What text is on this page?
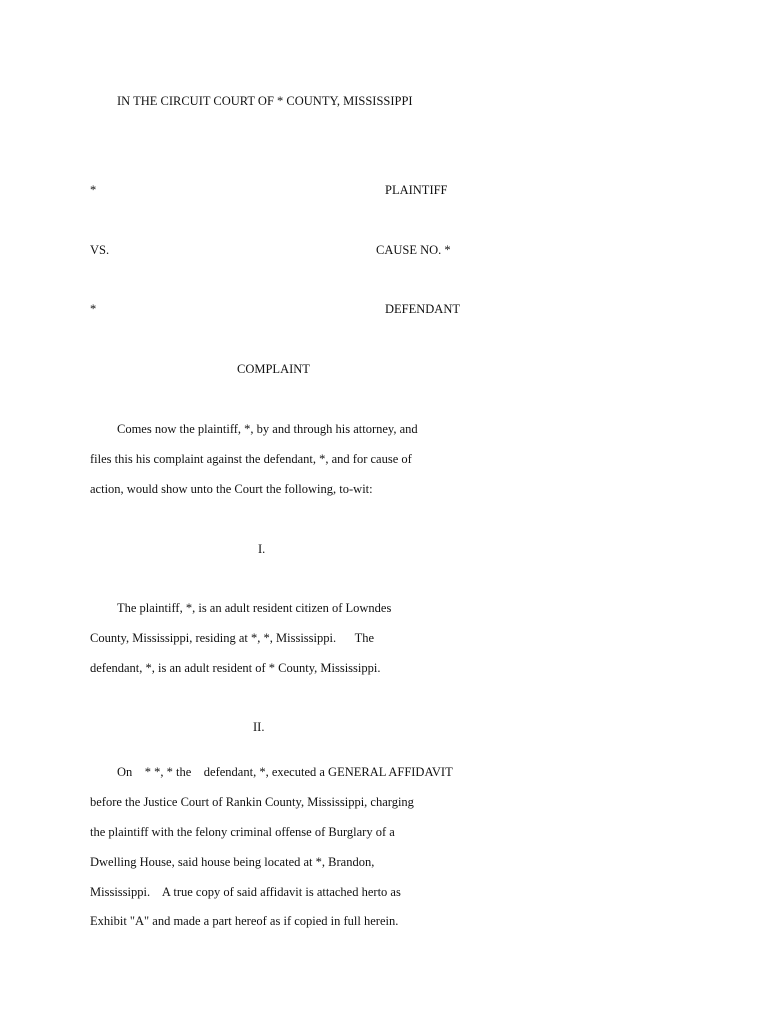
IN THE CIRCUIT COURT OF * COUNTY, MISSISSIPPI
*	PLAINTIFF
VS.	CAUSE NO. *
*	DEFENDANT
COMPLAINT
Comes now the plaintiff, *, by and through his attorney, and
files this his complaint against the defendant, *, and for cause of
action, would show unto the Court the following, to-wit:
I.
The plaintiff, *, is an adult resident citizen of Lowndes
County, Mississippi, residing at *, *, Mississippi.      The
defendant, *, is an adult resident of * County, Mississippi.
II.
On    * *, * the    defendant, *, executed a GENERAL AFFIDAVIT
before the Justice Court of Rankin County, Mississippi, charging
the plaintiff with the felony criminal offense of Burglary of a
Dwelling House, said house being located at *, Brandon,
Mississippi.    A true copy of said affidavit is attached herto as
Exhibit "A" and made a part hereof as if copied in full herein.
